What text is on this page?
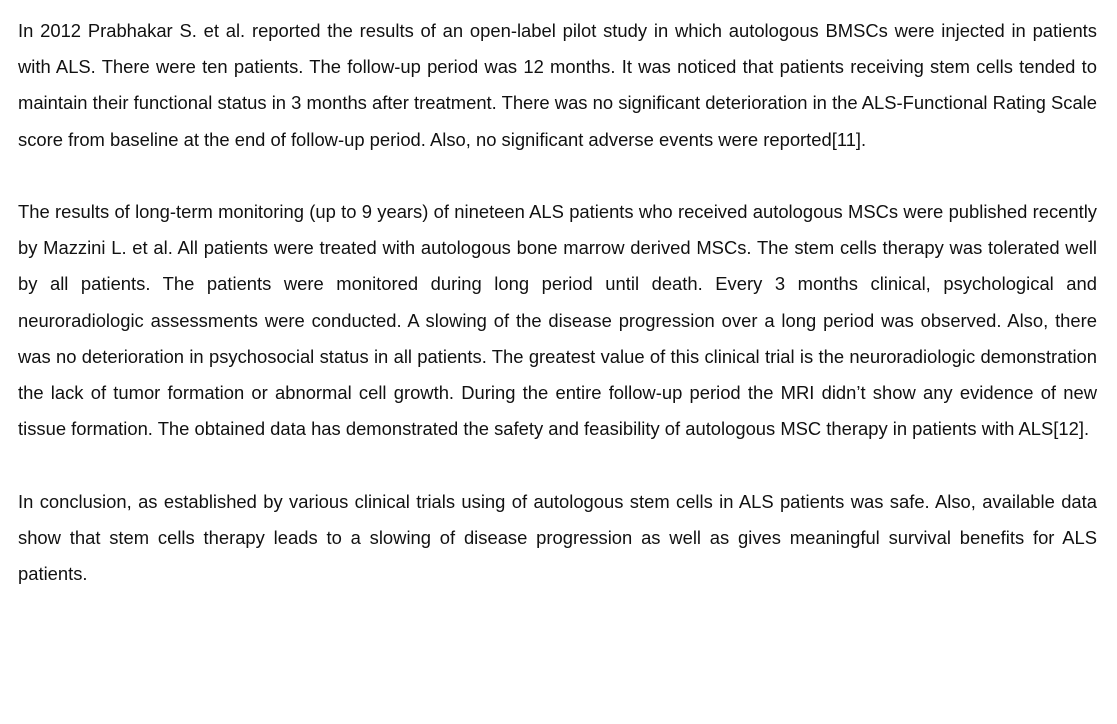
In 2012 Prabhakar S. et al. reported the results of an open-label pilot study in which autologous BMSCs were injected in patients with ALS. There were ten patients. The follow-up period was 12 months. It was noticed that patients receiving stem cells tended to maintain their functional status in 3 months after treatment. There was no significant deterioration in the ALS-Functional Rating Scale score from baseline at the end of follow-up period. Also, no significant adverse events were reported[11].

The results of long-term monitoring (up to 9 years) of nineteen ALS patients who received autologous MSCs were published recently by Mazzini L. et al. All patients were treated with autologous bone marrow derived MSCs. The stem cells therapy was tolerated well by all patients. The patients were monitored during long period until death. Every 3 months clinical, psychological and neuroradiologic assessments were conducted. A slowing of the disease progression over a long period was observed. Also, there was no deterioration in psychosocial status in all patients. The greatest value of this clinical trial is the neuroradiologic demonstration the lack of tumor formation or abnormal cell growth. During the entire follow-up period the MRI didn’t show any evidence of new tissue formation. The obtained data has demonstrated the safety and feasibility of autologous MSC therapy in patients with ALS[12].

In conclusion, as established by various clinical trials using of autologous stem cells in ALS patients was safe. Also, available data show that stem cells therapy leads to a slowing of disease progression as well as gives meaningful survival benefits for ALS patients.
